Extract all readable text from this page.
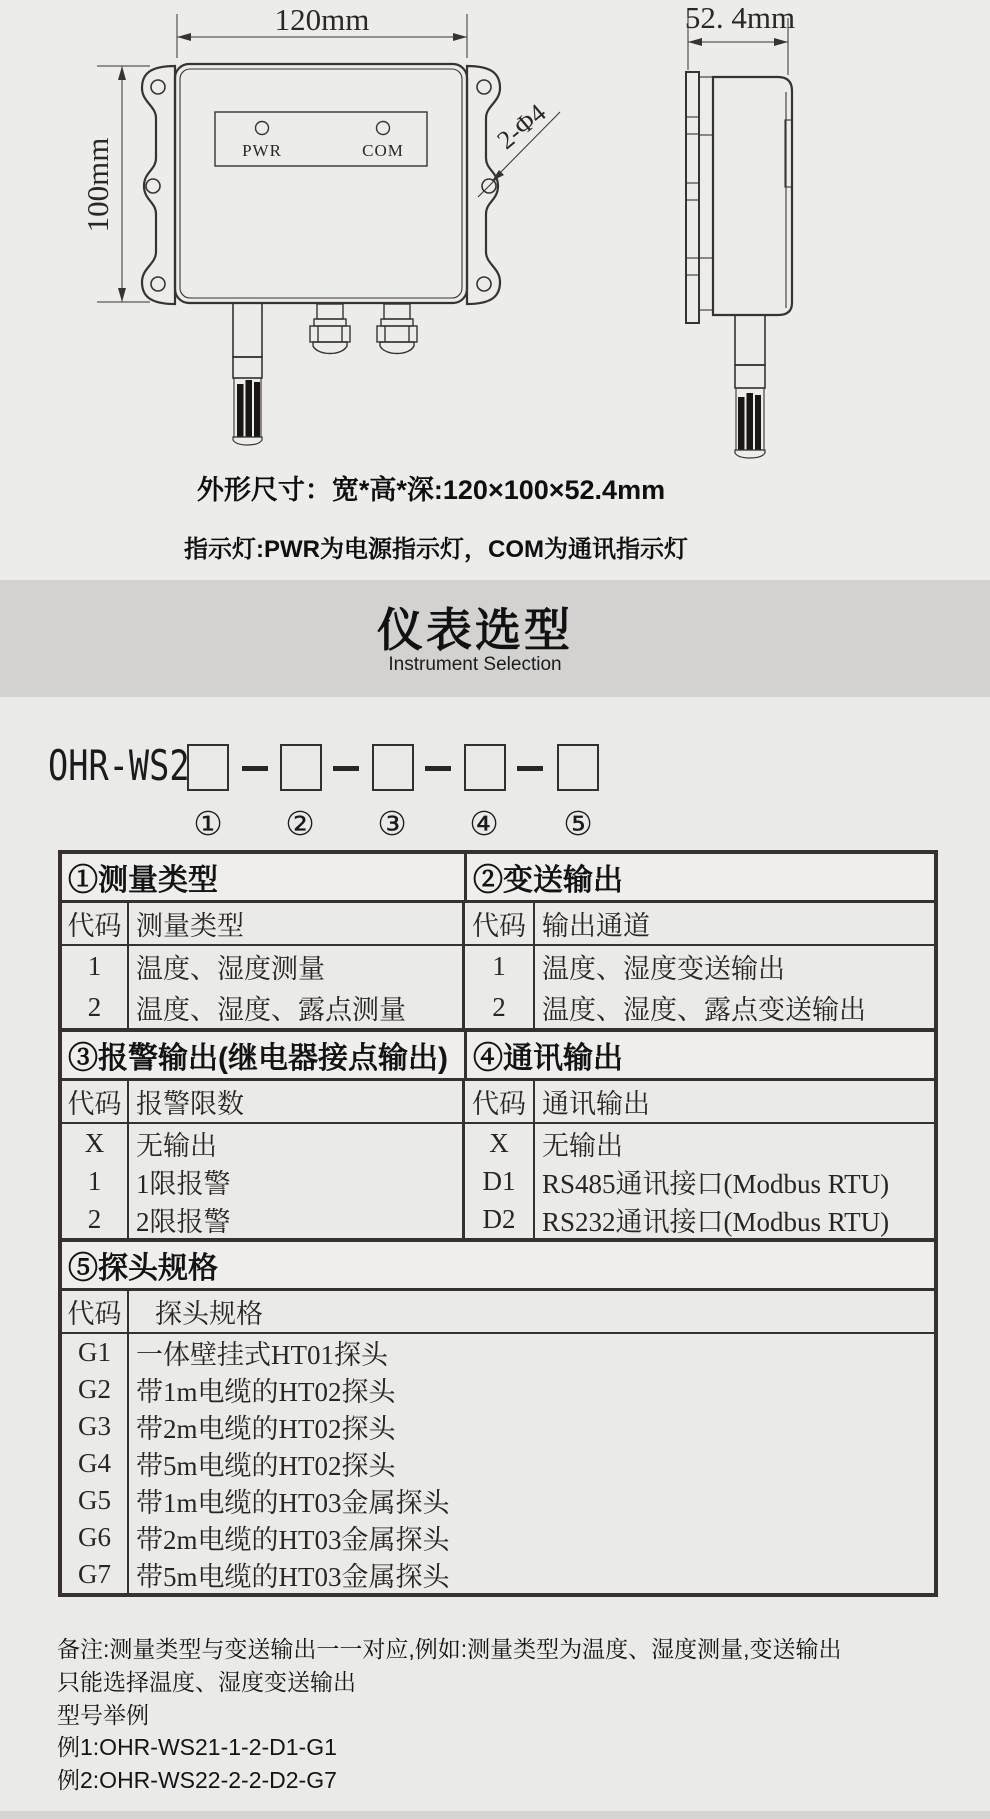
120mm
100mm
52. 4mm
PWR	COM	2-Φ4
外形尺寸：宽*高*深:120×100×52.4mm
指示灯:PWR为电源指示灯，COM为通讯指示灯
仪表选型
Instrument Selection
OHR-WS2
① ② ③ ④ ⑤
①测量类型	②变送输出
代码 测量类型	代码 输出通道
1	温度、湿度测量	1	温度、湿度变送输出
2	温度、湿度、露点测量	2	温度、湿度、露点变送输出
③报警输出(继电器接点输出) ④通讯输出
代码 报警限数	代码 通讯输出
X	无输出	X	无输出
1	1限报警	D1 RS485通讯接口(Modbus RTU)
2	2限报警	D2 RS232通讯接口(Modbus RTU)
⑤探头规格
代码	探头规格
G1 一体壁挂式HT01探头
G2 带1m电缆的HT02探头
G3 带2m电缆的HT02探头
G4 带5m电缆的HT02探头
G5 带1m电缆的HT03金属探头
G6 带2m电缆的HT03金属探头
G7 带5m电缆的HT03金属探头
备注:测量类型与变送输出一一对应,例如:测量类型为温度、湿度测量,变送输出
只能选择温度、湿度变送输出
型号举例
例1:OHR-WS21-1-2-D1-G1
例2:OHR-WS22-2-2-D2-G7
